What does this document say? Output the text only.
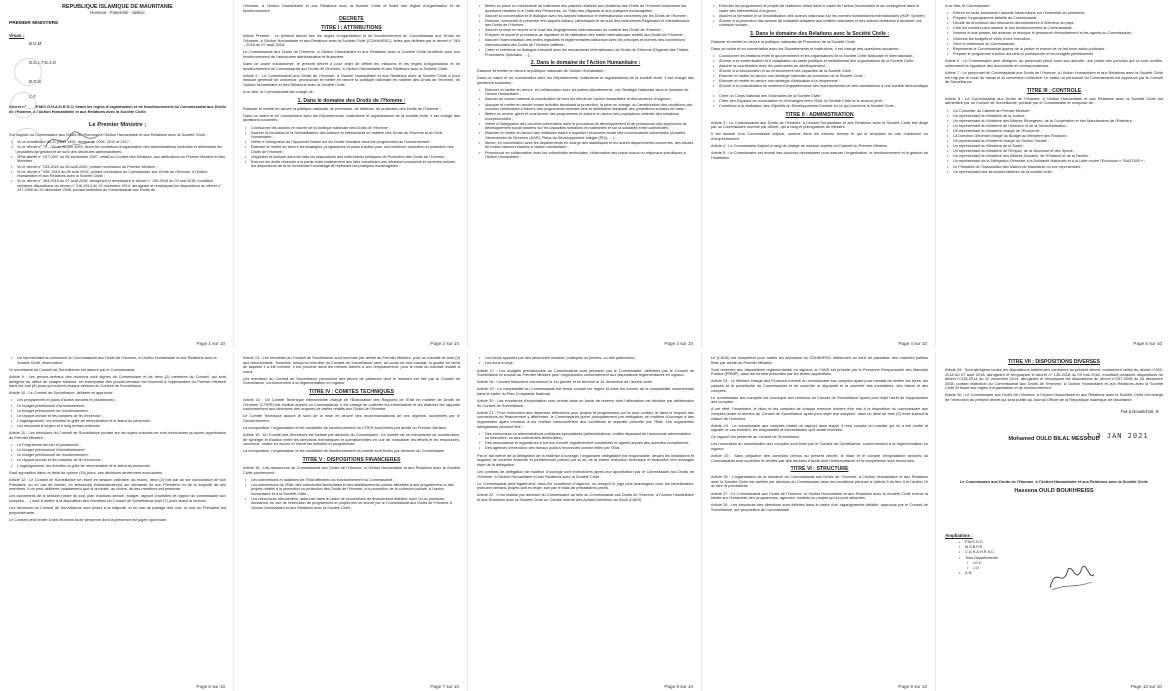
REPUBLIQUE ISLAMIQUE DE MAURITANIE
Honneur - Fraternité - Justice
PREMIER MINISTERE
Visas :
B.O.M
D.G.L.T.E.J.O
D.G.B
C.F
Décret n°____/P.M/C.D.H.A.H.R.S.C/ fixant les règles d’organisation et de fonctionnement du Commissariat aux Droits de l’Homme, à l’Action Humanitaire et aux Relations avec la Société Civile
Le Premier Ministre ;
Sur rapport du Commissaire aux Droits de l’Homme, à l’Action Humanitaire et aux Relations avec la Société Civile ;
• Vu la constitution du 20 juillet 1991, révisée en 2006, 2012 et 2017 ;
• Vu le décret n° 75 – 93 du 06 juin 1993, fixant les conditions d’organisation des administrations centrales et définissant les modalités de gestion et de suivi des structures administratives ;
• Vu le décret n° 157-2007 du 06 septembre 2007, relatif au Conseil des Ministres, aux attributions du Premier Ministre et des Ministres ;
• Vu le décret n° 153-2020 du 06 août 2020, portant nomination du Premier Ministre ;
• Vu le décret n° 339- 2019 du 08 août 2019, portant nomination du Commissaire aux Droits de l’Homme, à l’Action Humanitaire et aux Relations avec la Société Civile ;
• Vu le décret n° 263-2018 du 07 août 2018, abrogeant et remplaçant le décret n° 135-2018 du 03 mai 2018, modifiant certaines dispositions du décret n° 216-2014 du 12 novembre 2014, abrogeant et remplaçant les dispositions du décret n° 247-2008 du 24 décembre 2008, portant institution du Commissariat aux Droits de
Page 1 sur 10
l’Homme, à l’Action Humanitaire et aux Relations avec la Société Civile et fixant ses règles d’organisation et de fonctionnement.
DECRETE
TITRE I : ATTRIBUTIONS
Article Premier : Le présent décret fixe les règles d’organisation et de fonctionnement du Commissariat aux Droits de l’Homme, à l’Action Humanitaire et aux Relations avec la Société Civile (CDHAHRSC), telles que définies par le décret n° 263 – 2018 du 07 août 2018.
Le Commissariat aux Droits de l’Homme, à l’Action Humanitaire et aux Relations avec la Société Civile bénéficie pour son fonctionnement de l’autonomie administrative et financière.
Dans ce cadre d’autonomie, le présent décret a pour objet de définir les missions et les règles d’organisation et de fonctionnement du Commissariat aux Droits de l’Homme, à l’Action Humanitaire et aux Relations avec la Société Civile.
Article 2 : Le Commissariat aux Droits de l’Homme, à l’Action Humanitaire et aux Relations avec la Société Civile a pour mission générale de concevoir, promouvoir et mettre en œuvre la politique nationale en matière des Droits de l’Homme, de l’Action Humanitaire et des Relations avec la Société Civile.
A ce titre, le Commissariat est chargé de :
1. Dans le domaine des Droits de l’Homme :
Elaborer et mettre en œuvre la politique nationale de promotion, de défense, de protection des Droits de l’Homme ;
Dans ce cadre et en concertation avec les Départements, institutions et organisations de la société civile, il est chargé des questions suivantes :
• Coordonner les actions en œuvre de la politique nationale des Droits de l’Homme ;
• Assurer la formation et la Sensibilisation des Acteurs et intervenants en matière des Droits de l’Homme et du Droit Humanitaire ;
• Veiller à l’intégration de l’Approche Basée sur les Droits Humains dans les programmes du Gouvernement ;
• Elaborer et mettre en œuvre les stratégies, programmes et plans d’action pour une meilleure promotion et protection des Droits de l’Homme ;
• Vulgariser et traduire dans les faits les dispositions des instruments juridiques de Protection des Droits de l’Homme ;
• Exercer les droits réservés à la partie civile relativement aux faits constituant une infraction poursuivie et réprimée suivant les dispositions de la loi incriminant l’esclavage et réprimant les pratiques esclavagistes ;
Page 2 sur 10
• Mettre en place un mécanisme de traitement des plaintes relatives aux violations des Droits de l’Homme notamment les questions relatives à la Traite des Personnes, au Trafic des Migrants et aux pratiques esclavagistes ;
• Assurer la concertation et le dialogue avec les acteurs nationaux et internationaux concernés par les Droits de l’Homme ;
• Elaborer, soumettre et présenter les rapports initiaux, périodiques et de suivi des instruments Régionaux et Internationaux des Droits de l’Homme ;
• Assurer la mise en œuvre et le suivi des Engagements Internationaux en matière des Droits de l’Homme ;
• Préparer et suivre le processus de signature et de ratification des traités internationaux relatifs aux Droits de l’Homme ;
• Assurer l’harmonisation des textes législatifs et réglementaires nationaux avec les principes et normes des conventions internationales des Droits de l’Homme ratifiées ;
• Créer et entretenir un dialogue interactif avec les mécanismes internationaux de Droits de l’Homme (Organes des Traités, Procédures Spéciales, …) ;
2. Dans le domaine de l’Action Humanitaire :
Elaborer et mettre en œuvre la politique nationale de l’Action Humanitaire ;
Dans ce cadre et en concertation avec les Départements, institutions et organisations de la société civile, il est chargé des questions suivantes :
• Elaborer et mettre en œuvre, en collaboration avec les autres départements, une Stratégie Nationale dans le domaine de l’Action Humanitaire ;
• Assurer au niveau national la coordination de tous les efforts de l’action humanitaire et des secteurs d’urgence ;
• Appuyer et mettre en œuvre toutes activités favorisant la protection, la prise en charge, ou l’amélioration des conditions des couches vulnérables à travers des programmes orientés vers la distribution équitable des prestations sociales de base ;
• Mettre en œuvre, gérer et coordonner des programmes et actions en faveur des populations victimes des situations exceptionnelles ;
• Veiller à l’intégration des couches vulnérables dans le processus de développement et de promouvoir des approches de développement social fondées sur les capacités humaines et matérielles et sur la solidarité entre collectivités ;
• Elaborer et mettre en œuvre des initiatives visant à impulser l’économie locale des communautés vulnérables (Activités Génératrices de Revenus (AGR), Plans de Développement Intégré (PDI), …) ;
• Mener, en concertation avec les départements en charge des statistiques et les autres départements concernés, des études de toutes natures relatives à l’action humanitaire ;
• Promouvoir en collaboration avec les collectivités territoriales, l’élaboration des plans locaux ou régionaux spécifiques à l’Action Humanitaire ;
Page 3 sur 10
• Exécuter les programmes et projets de résilience cibles dans le cadre de l’action humanitaire et de contingence dans le cadre des interventions d’urgence ;
• Assurer la formation et la Sensibilisation des acteurs nationaux sur les normes humanitaires internationales (HAP, Sphère) ;
• Œuvrer à la promotion des actions de solidarité adaptées aux réalités nationales et des actions destinées à favoriser une cohésion sociale ;
3. Dans le domaine des Relations avec la Société Civile :
Elaborer et mettre en œuvre la politique nationale de Promotion de la Société Civile.
Dans ce cadre et en concertation avec les Départements et institutions, il est chargé des questions suivantes :
• Coordonner les relations entre le gouvernement et les organisations de la Société Civile Nationale et Internationale ;
• Œuvrer à la modernisation et à l’adaptation du cadre juridique et institutionnel des organisations de la Société Civile ;
• Assurer la coordination avec les partenaires au développement ;
• Œuvrer à la structuration et au renforcement des capacités de la Société Civile ;
• Elaborer et mettre en œuvre une stratégie nationale de promotion de la Société Civile ;
• Elaborer et mettre en œuvre une stratégie d’éducation à la citoyenneté ;
• Œuvrer à la consolidation du sentiment d’appartenance des mauritaniennes et des mauritaniens à une société démocratique ;
• Créer un Corps National des Volontaires de la Société Civile ;
• Créer des Espaces de concertation et d’échanges entre l’Etat, la Société Civile et le secteur privé ;
• Contribuer à la réalisation des Objectifs du Développement Durable en ce qui concerne la Société Civile ;
TITRE II : ADMINISTRATION
Article 3 : Le Commissariat aux Droits de l’Homme, à l’Action Humanitaire et aux Relations avec la Société Civile est dirigé par un Commissaire nommé par décret, qui a rang et prérogatives de Ministre.
Il est assisté d’un Commissaire Adjoint, nommé dans les mêmes formes et qui le remplace en cas d’absence ou d’empêchement.
Article 4 : Le Commissaire Adjoint a rang de chargé de mission auprès du Cabinet du Premier Ministre.
Article 5 : Le Commissaire est investi des pouvoirs nécessaires pour assurer l’organisation, le fonctionnement et la gestion de l’Institution.
Page 4 sur 10
A ce titre, le Commissaire :
• Exerce en toute autonomie l’autorité hiérarchique sur l’ensemble du personnel ;
• Prépare l’organigramme détaillé du Commissariat ;
• Décide de la création des structures déconcentrées à l’intérieur du pays ;
• Crée les comités pour assurer le bon fonctionnement du Commissariat ;
• Nomme à tous postes, fait avancer et révoque le personnel d’encadrement et les agents du Commissariat ;
• Ordonne les budgets et veille à leur exécution ;
• Gère le patrimoine du Commissariat ;
• Représente le Commissariat auprès de la justice et exerce de ce fait toute action judiciaire ;
• Prépare le programme d’action annuels et pluriannuels et les budgets prévisionnels.
Article 6 : Le Commissaire peut déléguer, au personnel placé sous son autorité, une partie des pouvoirs qui lui sont confiés, notamment la signature des documents et correspondances.
Article 7 : Le personnel du Commissariat aux Droits de l’Homme, à l’Action Humanitaire et aux Relations avec la Société Civile est régi par le code du travail et la convention collective. Le statut du personnel du Commissariat est approuvé par le Conseil de Surveillance.
TITRE III : CONTROLE
Article 8 : Le Commissariat aux Droits de l’Homme, à l’Action Humanitaire et aux Relations avec la Société Civile est administré par un Conseil de Surveillance, présidé par le Commissaire et composé de :
• Un Conseiller du Cabinet du Premier Ministre ;
• Un représentant du Ministère de la Justice ;
• Un représentant du Ministère des Affaires Étrangères, de la Coopération et des Mauritaniens de l’Extérieur ;
• Un représentant du Ministère de l’Intérieur et de la Décentralisation ;
• Un représentant du Ministère chargé de l’Economie ;
• La Direction Générale chargé du Budget au Ministère des Finances ;
• Un représentant du Ministère chargé de l’Action Sociale ;
• Un représentant du Ministère de la Santé ;
• Un représentant du Ministère de l’Emploi, de la Jeunesse et des Sports ;
• Un représentant du Ministère des Affaires Sociales, de l’Enfance et de la Famille ;
• Un représentant de la Délégation Générale à la Solidarité Nationale et à la Lutte contre l’Exclusion « TAAZOUR » ;
• Le Président de l’Association des Maires de Mauritanie ou son représentant ;
• Un représentant des structures faîtières de la société civile ;
Page 5 sur 10
• Un représentant du personnel du Commissariat aux Droits de l’Homme, à l’Action Humanitaire et aux Relations avec la Société Civile, observateur.
Le secrétariat du Conseil de Surveillance est assuré par le Commissariat.
Article 9 : Les procès-verbaux des réunions sont signés du Commissaire et de deux (2) membres du Conseil, qui sont désignés au début de chaque session. Un exemplaire des procès-verbaux est transmis à l’approbation du Premier Ministre dans les huit (8) jours qui suivent chaque session du Conseil de Surveillance.
Article 10 : Le Conseil de Surveillance, délibère et approuve :
• Les programmes et plans d’action annuels et pluriannuels ;
• Le budget prévisionnel d’investissement ;
• Le budget prévisionnel de fonctionnement ;
• Le rapport annuel et les comptes de fin d’exercice ;
• L’organigramme, les échelles et grille de rémunération et le statut du personnel ;
• Les emprunts à moyen et à long termes externes.
Article 11 : Les décisions du Conseil de Surveillance portant sur les sujets suivants ne sont exécutoires qu’après approbation du Premier Ministre :
• Le Programme annuel et pluriannuel ;
• Le budget prévisionnel d’investissement ;
• Le budget prévisionnel de fonctionnement ;
• Le rapport annuel et les comptes de fin d’exercice ;
• L’organigramme, les échelles et grille de rémunération et le statut du personnel.
Sauf opposition dans un délai de quinze (15) jours, ces décisions deviennent exécutoires.
Article 12 : Le Conseil de Surveillance se réunit en session ordinaire, au moins, deux (2) fois par an sur convocation de son Président, ou en cas de besoin, en session(s) extraordinaire(s) sur demande de son Président ou de la majorité de ses membres. Il ne peut délibérer valablement que si la moitié, au moins, de ses membres est présente.
Les documents de la session (ordre du jour, plan d’actions annuel, budget, rapport d’activités et rapport du commissaire aux comptes, …) sont à mettre à la disposition des membres du Conseil de Surveillance sept (7) jours avant la réunion.
Les décisions du Conseil de Surveillance sont prises à la majorité, et en cas de partage des voix, la voix du Président est prépondérante.
Le Conseil peut inviter à ses réunions toute personne dont la présence est jugée opportune.
Page 6 sur 10
Article 13 : Les membres du Conseil de Surveillance sont nommés par arrêté du Premier Ministre, pour un mandat de trois (3) ans renouvelable. Toutefois, lorsqu’un membre du Conseil de Surveillance perd, au cours de son mandat, la qualité en vertu de laquelle il a été nommé, il est procédé dans les mêmes formes à son remplacement, pour le reste du mandat restant à courir.
Les membres du Conseil de Surveillance perçoivent des jetons de présence dont le montant est fixé par le Conseil de Surveillance, conformément à la réglementation en vigueur.
TITRE IV : COMITES TECHNIQUES
Article 14 : Un Comité Technique Intersectoriel chargé de l’Elaboration des Rapports de l’Etat en matière de Droits de l’Homme (CTIER) est institué auprès du Commissariat. Il est chargé de collecter les informations et les élaborer les rapports conformément aux directives des organes de traités relatifs aux Droits de l’Homme.
Le Comité Technique assure le suivi de la mise en œuvre des recommandations de ces organes, acceptées par le Gouvernement.
La composition, l’organisation et les modalités de fonctionnement du CTIER sont fixées par arrêté du Premier Ministre.
Article 15 : Un Comité des Directeurs est institué par décision du Commissaire. Ce comité est un mécanisme de coordination, de synergie et d’action entre les directions thématiques et opérationnelles en vue de mutualiser les efforts et les ressources, concevoir, mettre en œuvre et suivre les activités et programmes.
La composition, l’organisation et les modalités de fonctionnement du comité sont fixées par décision du Commissaire.
TITRE V : DISPOSITIONS FINANCIERES
Article 16 : Les ressources du Commissariat aux Droits de l’Homme, à l’Action Humanitaire et aux Relations avec la Société Civile proviennent :
• Les subventions et dotations de l’Etat affectées au fonctionnement du Commissariat ;
• Les subventions de l’Etat, des collectivités territoriales et des établissements publics affectées à des programmes ou des projets relatifs à la promotion ou protection des Droits de l’Homme, à la promotion de la cohésion sociale, à l’action humanitaire et à la Société Civile ;
• Les ressources rétrocédées, obtenues dans le cadre de conventions de financement établies, avec un ou plusieurs donateurs, en vue de l’exécution de programmes et projets mis en œuvre par le Commissariat aux Droits de l’Homme à l’Action Humanitaire et aux Relations avec la Société Civile ;
Page 7 sur 10
• Les fonds apportés par des personnes morales, publiques ou privées, ou des particuliers ;
• Les dons et legs.
Article 17 : Les budgets prévisionnels du Commissariat sont préparés par le Commissaire, délibérés par le Conseil de Surveillance et soumis au Premier Ministre pour l’approbation conformément aux dispositions réglementaires en vigueur.
Article 18 : L’année financière commence le 1er janvier et se termine le 31 décembre de l’année civile.
Article 19 : La comptabilité du Commissariat est tenue suivant les règles et dans les formes de la comptabilité commerciale dans le cadre du Plan Comptable National.
Article 20 : Les excédents d’exploitation sont versés dans un fonds de réserve dont l’affectation est décidée par délibération du Conseil de Surveillance.
Article 21 : Pour l’exécution des dépenses effectuées pour projets et programmes qui lui sont confiés, et dans le respect des conventions de financement y afférentes, le Commissariat opère principalement par délégation de maîtrise d’ouvrage à des organismes ayant vocation à les réaliser conformément aux conditions et objectifs prescrits par l’Etat. Les organismes délégataires peuvent être :
• Des entreprises ou administrations publiques spécialisées (administrations, entités disposant de l’autonomie administrative ou financière, ou des collectivités territoriales) ;
• Des associations et organismes à but non lucratif, régulièrement constituées et agréés auprès des autorités compétentes ;
• Des agences d’exécution des travaux publics reconnues comme telles par l’Etat.
Par le fait même de la délégation de la maîtrise d’ouvrage, l’organisme délégataire est responsable, devant les institutions et organes de contrôle financier et juridictionnel prévus par la loi, de la bonne exécution technique et financière des ouvrages objet de la délégation.
Les contrats de délégation de maîtrise d’ouvrage sont exécutoires après leur approbation par le Commissaire aux Droits de l’Homme, à l’Action Humanitaire et aux Relations avec la Société Civile.
Le Commissariat peut également, dans les conditions d’urgence, ou lorsqu’il le juge plus avantageux pour les bénéficiaires, exécuter certains projets soit en régie, soit par le biais de prestataires privés.
Article 22 : Il est institué par décision du Commissaire au sein du Commissariat aux Droits de l’Homme, à l’Action Humanitaire et aux Relations avec la Société Civile un Comité Interne des Achats Inférieurs au Seuil (CIAIS).
Page 8 sur 10
Le (CIAIS) est compétent pour toutes les dépenses du CDHAHRSC inférieures au seuil de passation des marchés publics fixés par arrêté du Premier Ministre.
Sont réservés aux dispositions réglementaires en vigueur, le CIAIS est présidé par la Personne Responsable des Marchés Publics (PRMP), dans les formes prescrites par les textes applicables.
Article 23 : Le Ministre chargé des Finances nomme un commissaire aux comptes ayant pour mandat de vérifier les livres, les caisses et le portefeuille du Commissariat et de contrôler la régularité et la sincérité des inventaires, des bilans et des comptes.
Le commissaire aux comptes est convoqué aux réunions du Conseil de Surveillance ayant pour objet l’arrêt de l’approbation des comptes.
A cet effet, l’inventaire, le bilan et les comptes de chaque exercice doivent être mis à la disposition du commissaire aux comptes avant la réunion du Conseil de Surveillance ayant pour objet leur adoption, dans un délai de trois (3) mois suivant la clôture de l’exercice.
Article 24 : Le commissaire aux comptes établit un rapport dans lequel il rend compte du mandat qui lui a été confié et signale, le cas échéant, les irrégularités et inexactitudes qu’il aurait relevées.
Ce rapport est présenté au Conseil de Surveillance.
Les honoraires du commissaire aux comptes sont fixés par le Conseil de Surveillance, conformément à la réglementation en vigueur.
Article 25 : Sans préjudice des contrôles prévus au présent décret, le bilan et le compte d’exploitation annuels du Commissariat sont contrôlés et vérifiés par des bureaux d’audit dont l’indépendance et la compétence sont reconnues.
TITRE VI : STRUCTURE
Article 26 : L’organisation de la structure du Commissariat aux Droits de l’Homme, à l’Action Humanitaire et aux Relations avec la Société Civile est arrêtée par décision du Commissaire dans les conditions prévues à l’article 5 du titre II et l’article 10 du titre III précédents.
Article 27 : Le Commissariat aux Droits de l’Homme, à l’Action Humanitaire et aux Relations avec la Société Civile exerce la tutelle sur l’ensemble des programmes, agences, instituts ou projets qui lui sont rattachés.
Article 28 : Les structures des directions sont définies dans le cadre d’un organigramme détaillé, approuvé par le Conseil de Surveillance, sur proposition du Commissaire.
Page 9 sur 10
TITRE VII : DISPOSITIONS DIVERSES
Article 29 : Sont abrogées toutes les dispositions antérieures contraires au présent décret, notamment celles du décret n°263-2018 du 07 août 2018, abrogeant et remplaçant le décret n° 135-2018 du 03 mai 2018, modifiant certaines dispositions du décret n°216-2014 du 12 novembre 2014, abrogeant et remplaçant les dispositions du décret n°247-2008 du 24 décembre 2008, portant institution du Commissariat aux Droits de l’Homme, à l’Action Humanitaire et aux Relations avec la Société Civile et fixant ses règles d’organisation et de fonctionnement.
Article 30 : Le Commissaire aux Droits de l’Homme, à l’Action Humanitaire et aux Relations avec la Société Civile est chargé de l’exécution du présent décret qui sera publié au Journal Officiel de la République Islamique de Mauritanie.
Fait à Nouakchott, le
1 3 JAN 2021
Mohamed OULD BILAL MESSOUD
Le Commissaire aux Droits de l’Homme, à l’Action Humanitaire et aux Relations avec la Société Civile
Hassena OULD BOUKHREISS
Ampliations :
• P.M/S.G.G
• M.S.B.P.R
• C.D.H.A.H.R.S.C
• Tous Départements
• I.G.E
• J.O
• A.N
Page 10 sur 10
